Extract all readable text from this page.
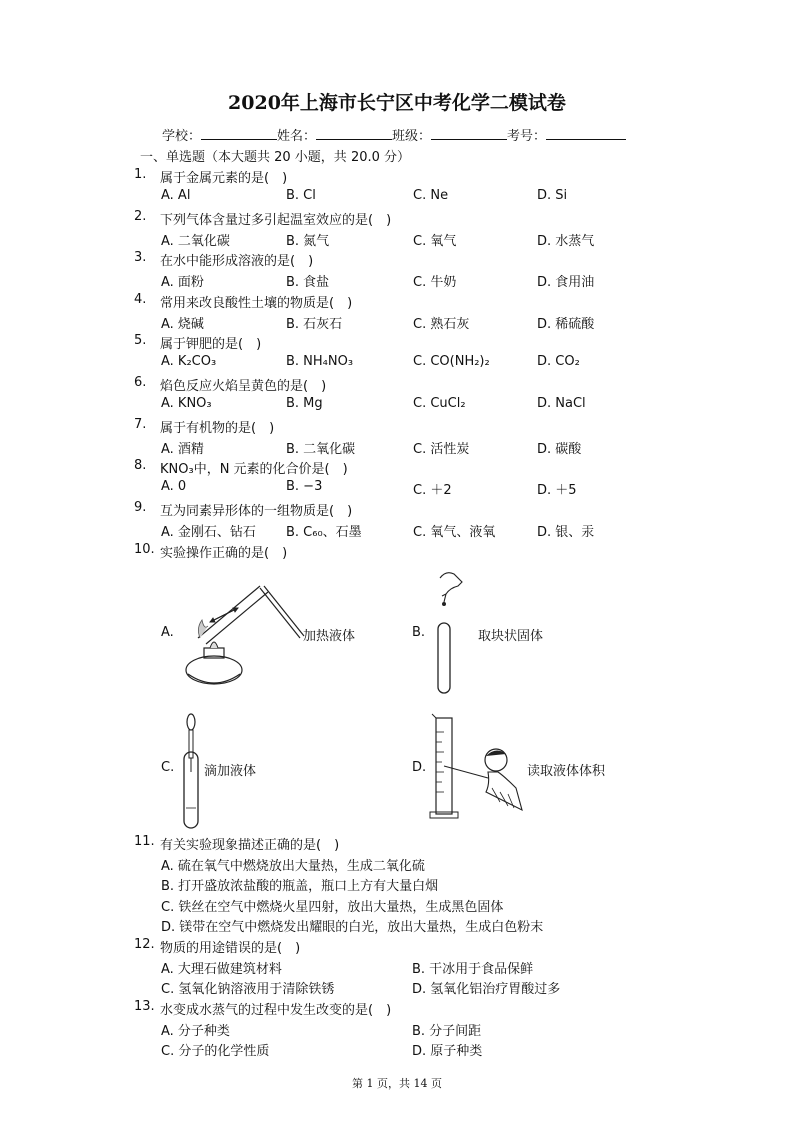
2020年上海市长宁区中考化学二模试卷
学校：	姓名：	班级：	考号：
一、单选题（本大题共 20 小题，共 20.0 分）
1. 属于金属元素的是(　)
A. Al	B. Cl	C. Ne	D. Si
2. 下列气体含量过多引起温室效应的是(　)
A. 二氧化碳	B. 氮气	C. 氧气	D. 水蒸气
3. 在水中能形成溶液的是(　)
A. 面粉	B. 食盐	C. 牛奶	D. 食用油
4. 常用来改良酸性土壤的物质是(　)
A. 烧碱	B. 石灰石	C. 熟石灰	D. 稀硫酸
5. 属于钾肥的是(　)
A. K₂CO₃	B. NH₄NO₃	C. CO(NH₂)₂	D. CO₂
6. 焰色反应火焰呈黄色的是(　)
A. KNO₃	B. Mg	C. CuCl₂	D. NaCl
7. 属于有机物的是(　)
A. 酒精	B. 二氧化碳	C. 活性炭	D. 碳酸
8. KNO₃中，N 元素的化合价是(　)
A. 0	B. −3	C. ＋2	D. ＋5
9. 互为同素异形体的一组物质是(　)
A. 金刚石、钻石 B. C₆₀、石墨	C. 氧气、液氧	D. 银、汞
10. 实验操作正确的是(　)
A.	加热液体	B.	取块状固体
C. 滴加液体	D.	读取液体体积
11. 有关实验现象描述正确的是(　)
A. 硫在氧气中燃烧放出大量热，生成二氧化硫
B. 打开盛放浓盐酸的瓶盖，瓶口上方有大量白烟
C. 铁丝在空气中燃烧火星四射，放出大量热，生成黑色固体
D. 镁带在空气中燃烧发出耀眼的白光，放出大量热，生成白色粉末
12. 物质的用途错误的是(　)
A. 大理石做建筑材料	B. 干冰用于食品保鲜
C. 氢氧化钠溶液用于清除铁锈	D. 氢氧化铝治疗胃酸过多
13. 水变成水蒸气的过程中发生改变的是(　)
A. 分子种类	B. 分子间距
C. 分子的化学性质	D. 原子种类
第 1 页，共 14 页
